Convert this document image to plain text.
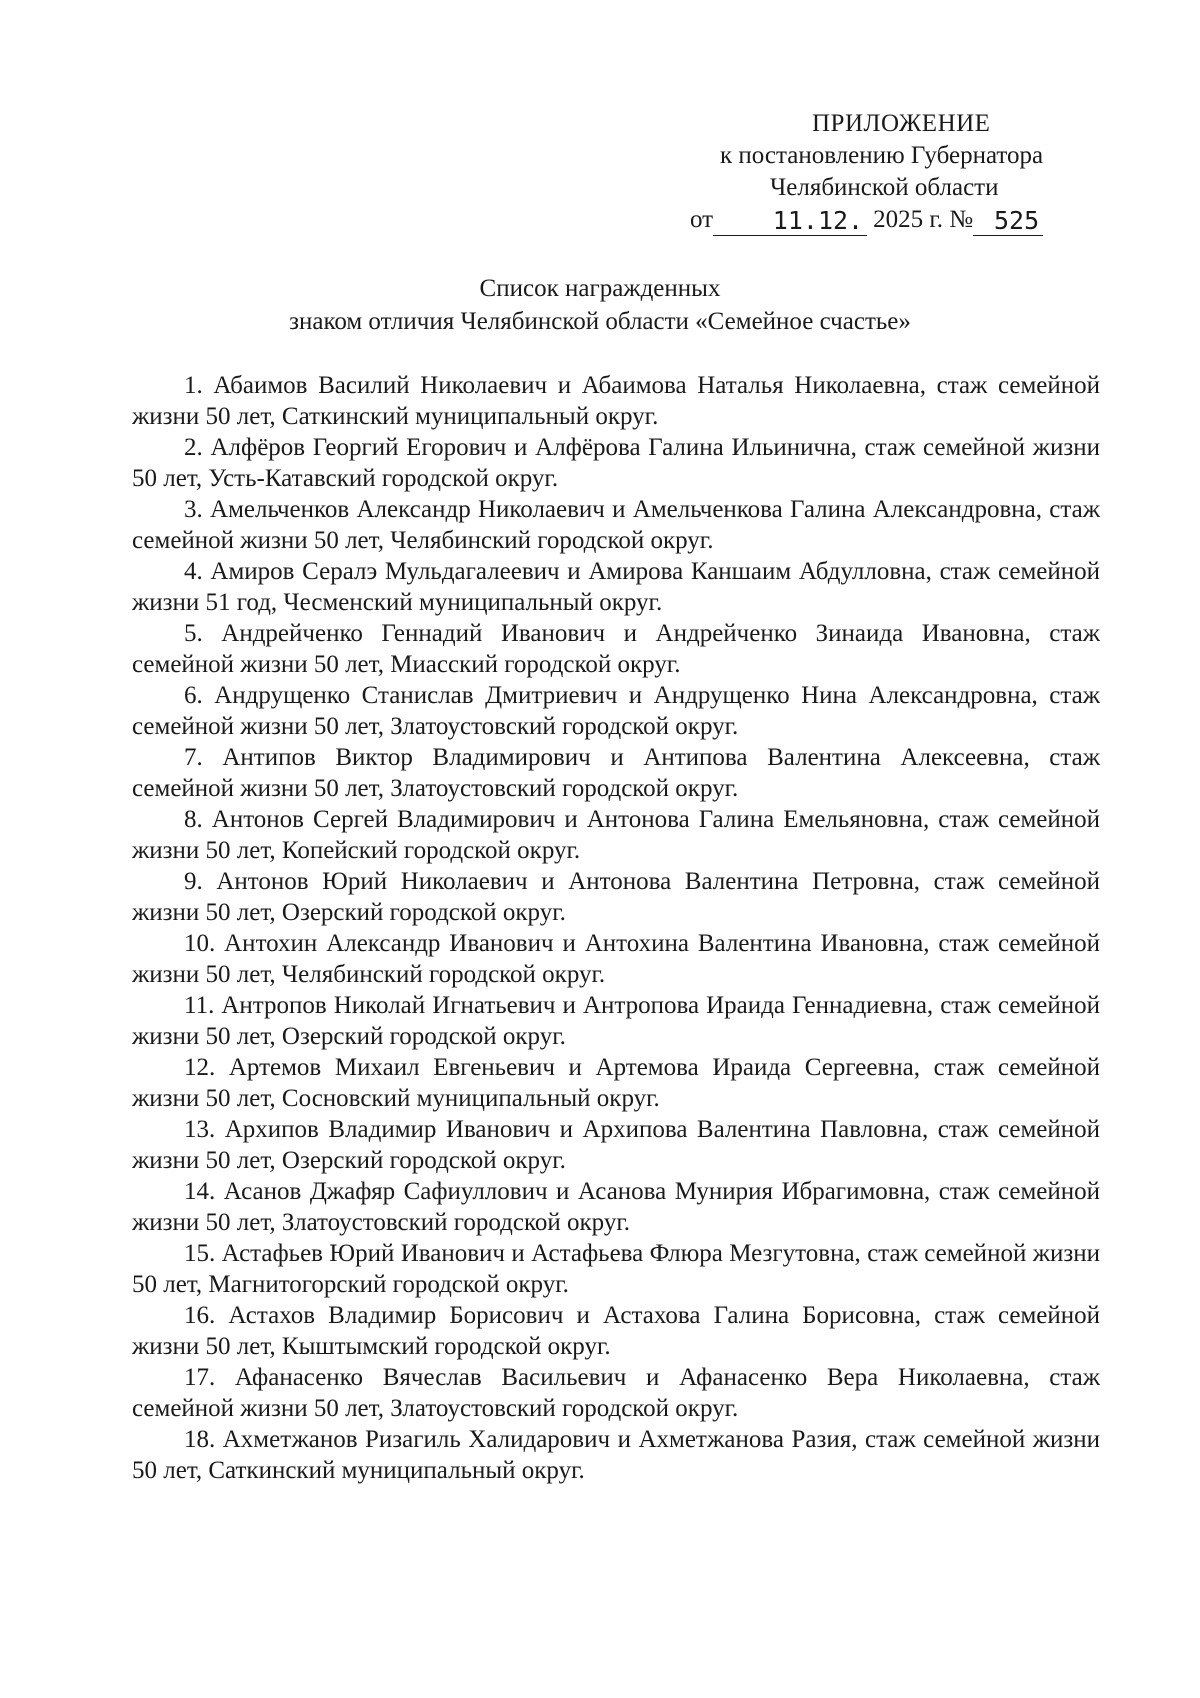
ПРИЛОЖЕНИЕ
к постановлению Губернатора
Челябинской области
от	11.12. 2025 г. № 525
Список награжденных
знаком отличия Челябинской области «Семейное счастье»
1. Абаимов Василий Николаевич и Абаимова Наталья Николаевна, стаж семейной жизни 50 лет, Саткинский муниципальный округ.
2. Алфёров Георгий Егорович и Алфёрова Галина Ильинична, стаж семейной жизни 50 лет, Усть-Катавский городской округ.
3. Амельченков Александр Николаевич и Амельченкова Галина Александровна, стаж семейной жизни 50 лет, Челябинский городской округ.
4. Амиров Сералэ Мульдагалеевич и Амирова Каншаим Абдулловна, стаж семейной жизни 51 год, Чесменский муниципальный округ.
5. Андрейченко Геннадий Иванович и Андрейченко Зинаида Ивановна, стаж семейной жизни 50 лет, Миасский городской округ.
6. Андрущенко Станислав Дмитриевич и Андрущенко Нина Александровна, стаж семейной жизни 50 лет, Златоустовский городской округ.
7. Антипов Виктор Владимирович и Антипова Валентина Алексеевна, стаж семейной жизни 50 лет, Златоустовский городской округ.
8. Антонов Сергей Владимирович и Антонова Галина Емельяновна, стаж семейной жизни 50 лет, Копейский городской округ.
9. Антонов Юрий Николаевич и Антонова Валентина Петровна, стаж семейной жизни 50 лет, Озерский городской округ.
10. Антохин Александр Иванович и Антохина Валентина Ивановна, стаж семейной жизни 50 лет, Челябинский городской округ.
11. Антропов Николай Игнатьевич и Антропова Ираида Геннадиевна, стаж семейной жизни 50 лет, Озерский городской округ.
12. Артемов Михаил Евгеньевич и Артемова Ираида Сергеевна, стаж семейной жизни 50 лет, Сосновский муниципальный округ.
13. Архипов Владимир Иванович и Архипова Валентина Павловна, стаж семейной жизни 50 лет, Озерский городской округ.
14. Асанов Джафяр Сафиуллович и Асанова Мунирия Ибрагимовна, стаж семейной жизни 50 лет, Златоустовский городской округ.
15. Астафьев Юрий Иванович и Астафьева Флюра Мезгутовна, стаж семейной жизни 50 лет, Магнитогорский городской округ.
16. Астахов Владимир Борисович и Астахова Галина Борисовна, стаж семейной жизни 50 лет, Кыштымский городской округ.
17. Афанасенко Вячеслав Васильевич и Афанасенко Вера Николаевна, стаж семейной жизни 50 лет, Златоустовский городской округ.
18. Ахметжанов Ризагиль Халидарович и Ахметжанова Разия, стаж семейной жизни 50 лет, Саткинский муниципальный округ.
